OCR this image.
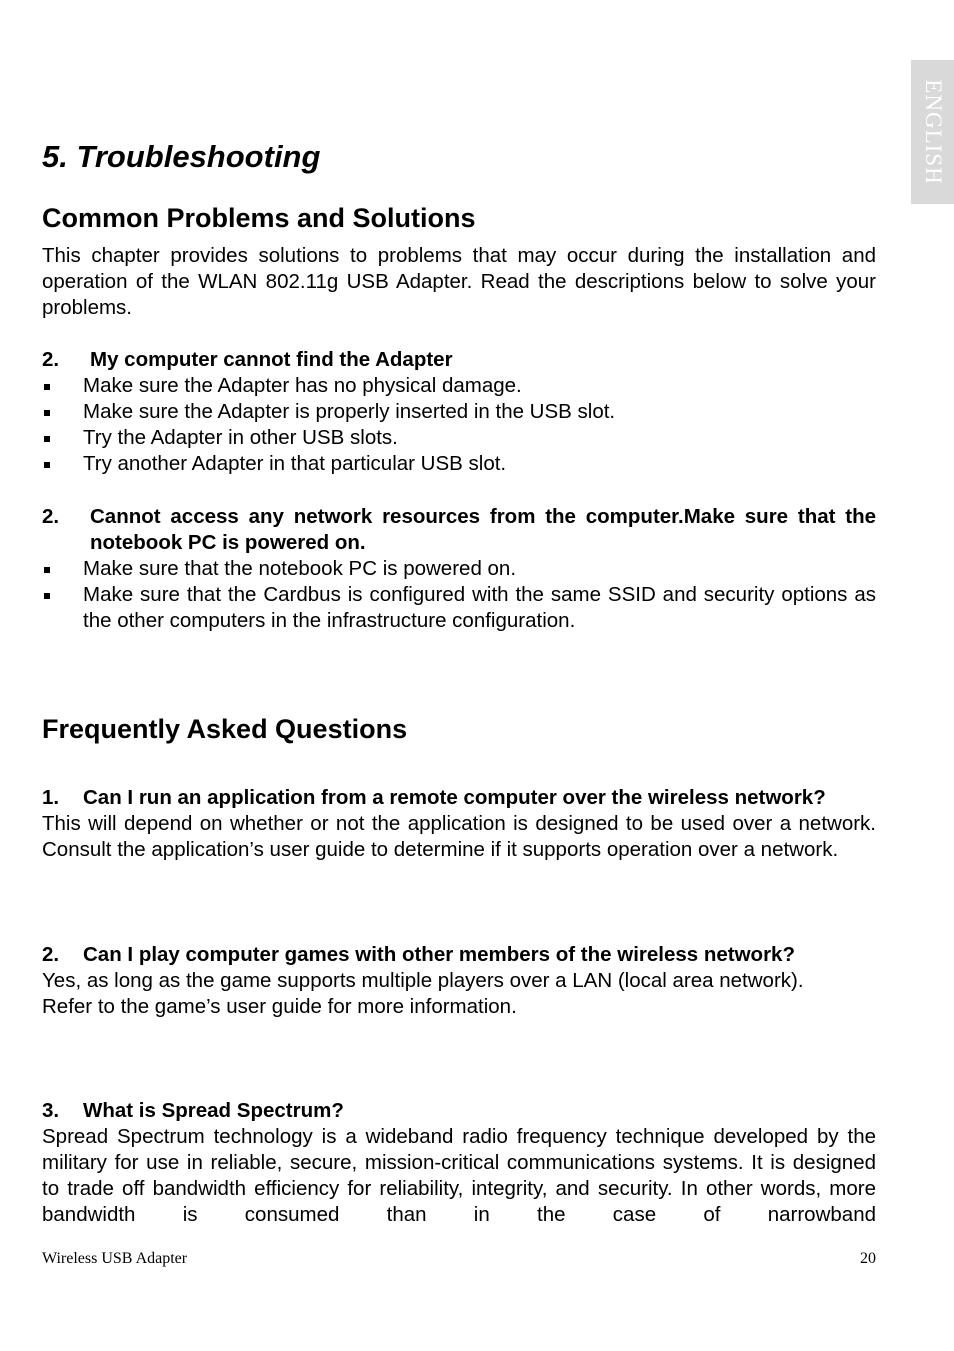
ENGLISH
5. Troubleshooting
Common Problems and Solutions

This chapter provides solutions to problems that may occur during the installation and operation of the WLAN 802.11g USB Adapter. Read the descriptions below to solve your problems.

2.	My computer cannot find the Adapter
Make sure the Adapter has no physical damage.
Make sure the Adapter is properly inserted in the USB slot.
Try the Adapter in other USB slots.
Try another Adapter in that particular USB slot.
2.	Cannot access any network resources from the computer.Make sure that the notebook PC is powered on.
Make sure that the notebook PC is powered on.
Make sure that the Cardbus is configured with the same SSID and security options as the other computers in the infrastructure configuration.
Frequently Asked Questions
1.	Can I run an application from a remote computer over the wireless network?

This will depend on whether or not the application is designed to be used over a network. Consult the application’s user guide to determine if it supports operation over a network.

2.	Can I play computer games with other members of the wireless network?

Yes, as long as the game supports multiple players over a LAN (local area network).

Refer to the game’s user guide for more information.

3.	What is Spread Spectrum?

Spread Spectrum technology is a wideband radio frequency technique developed by the military for use in reliable, secure, mission-critical communications systems. It is designed to trade off bandwidth efficiency for reliability, integrity, and security. In other words, more bandwidth is consumed than in the case of narrowband

Wireless USB Adapter	20
